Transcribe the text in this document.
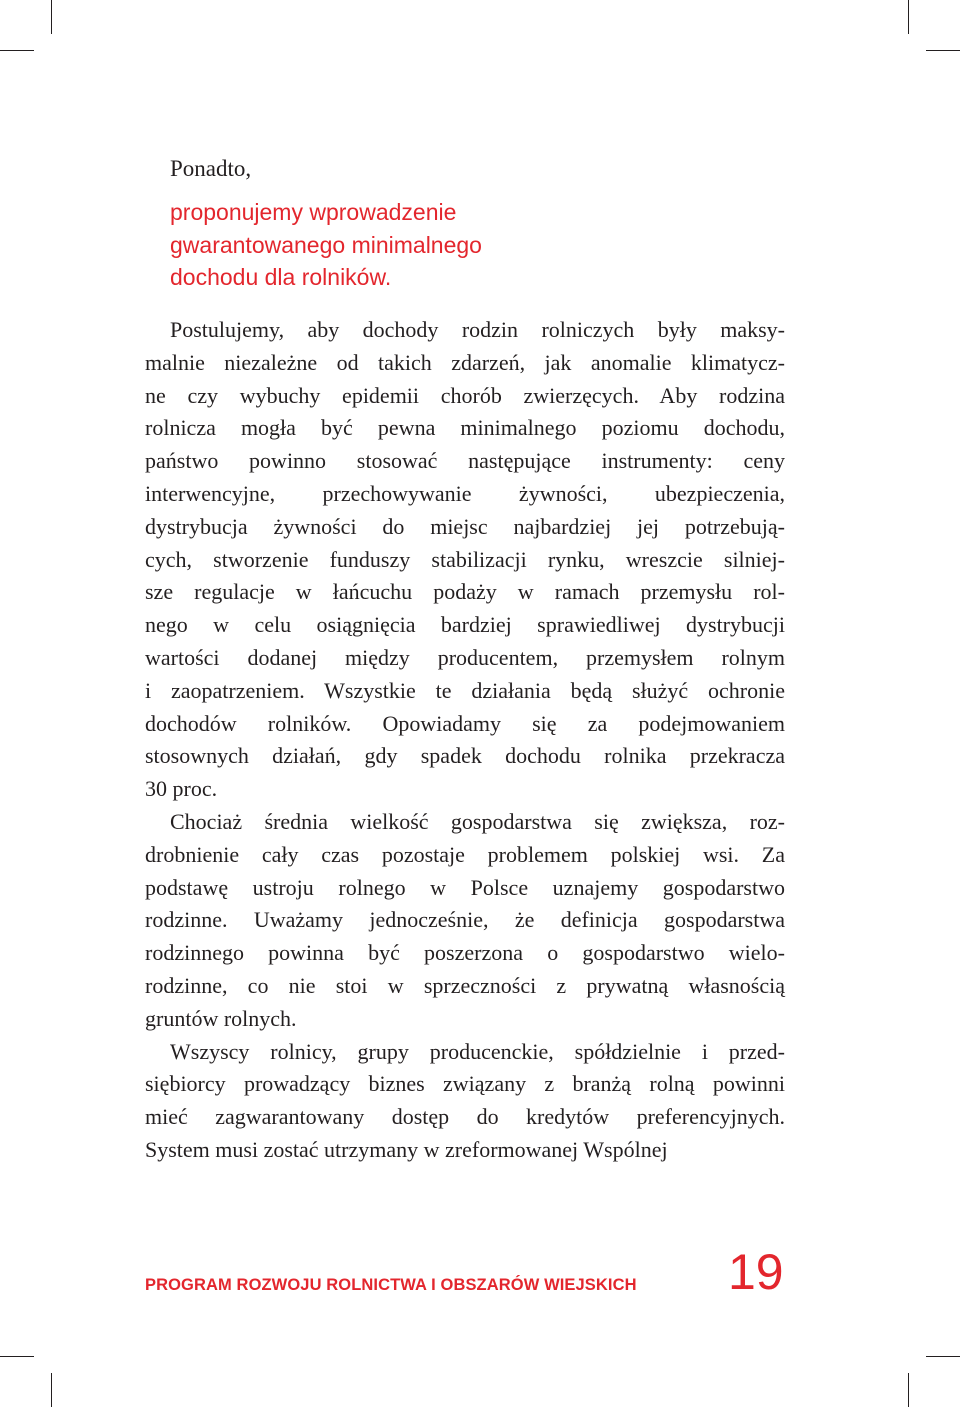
Ponadto,

proponujemy wprowadzenie
gwarantowanego minimalnego
dochodu dla rolników.

Postulujemy, aby dochody rodzin rolniczych były maksy-
malnie niezależne od takich zdarzeń, jak anomalie klimatycz-
ne czy wybuchy epidemii chorób zwierzęcych. Aby rodzina
rolnicza mogła być pewna minimalnego poziomu dochodu,
państwo powinno stosować następujące instrumenty: ceny
interwencyjne, przechowywanie żywności, ubezpieczenia,
dystrybucja żywności do miejsc najbardziej jej potrzebują-
cych, stworzenie funduszy stabilizacji rynku, wreszcie silniej-
sze regulacje w łańcuchu podaży w ramach przemysłu rol-
nego w celu osiągnięcia bardziej sprawiedliwej dystrybucji
wartości dodanej między producentem, przemysłem rolnym
i zaopatrzeniem. Wszystkie te działania będą służyć ochronie
dochodów rolników. Opowiadamy się za podejmowaniem
stosownych działań, gdy spadek dochodu rolnika przekracza
30 proc.

Chociaż średnia wielkość gospodarstwa się zwiększa, roz-
drobnienie cały czas pozostaje problemem polskiej wsi. Za
podstawę ustroju rolnego w Polsce uznajemy gospodarstwo
rodzinne. Uważamy jednocześnie, że definicja gospodarstwa
rodzinnego powinna być poszerzona o gospodarstwo wielo-
rodzinne, co nie stoi w sprzeczności z prywatną własnością
gruntów rolnych.

Wszyscy rolnicy, grupy producenckie, spółdzielnie i przed-
siębiorcy prowadzący biznes związany z branżą rolną powinni
mieć zagwarantowany dostęp do kredytów preferencyjnych.
System musi zostać utrzymany w zreformowanej Wspólnej

PROGRAM ROZWOJU ROLNICTWA I OBSZARÓW WIEJSKICH 19
